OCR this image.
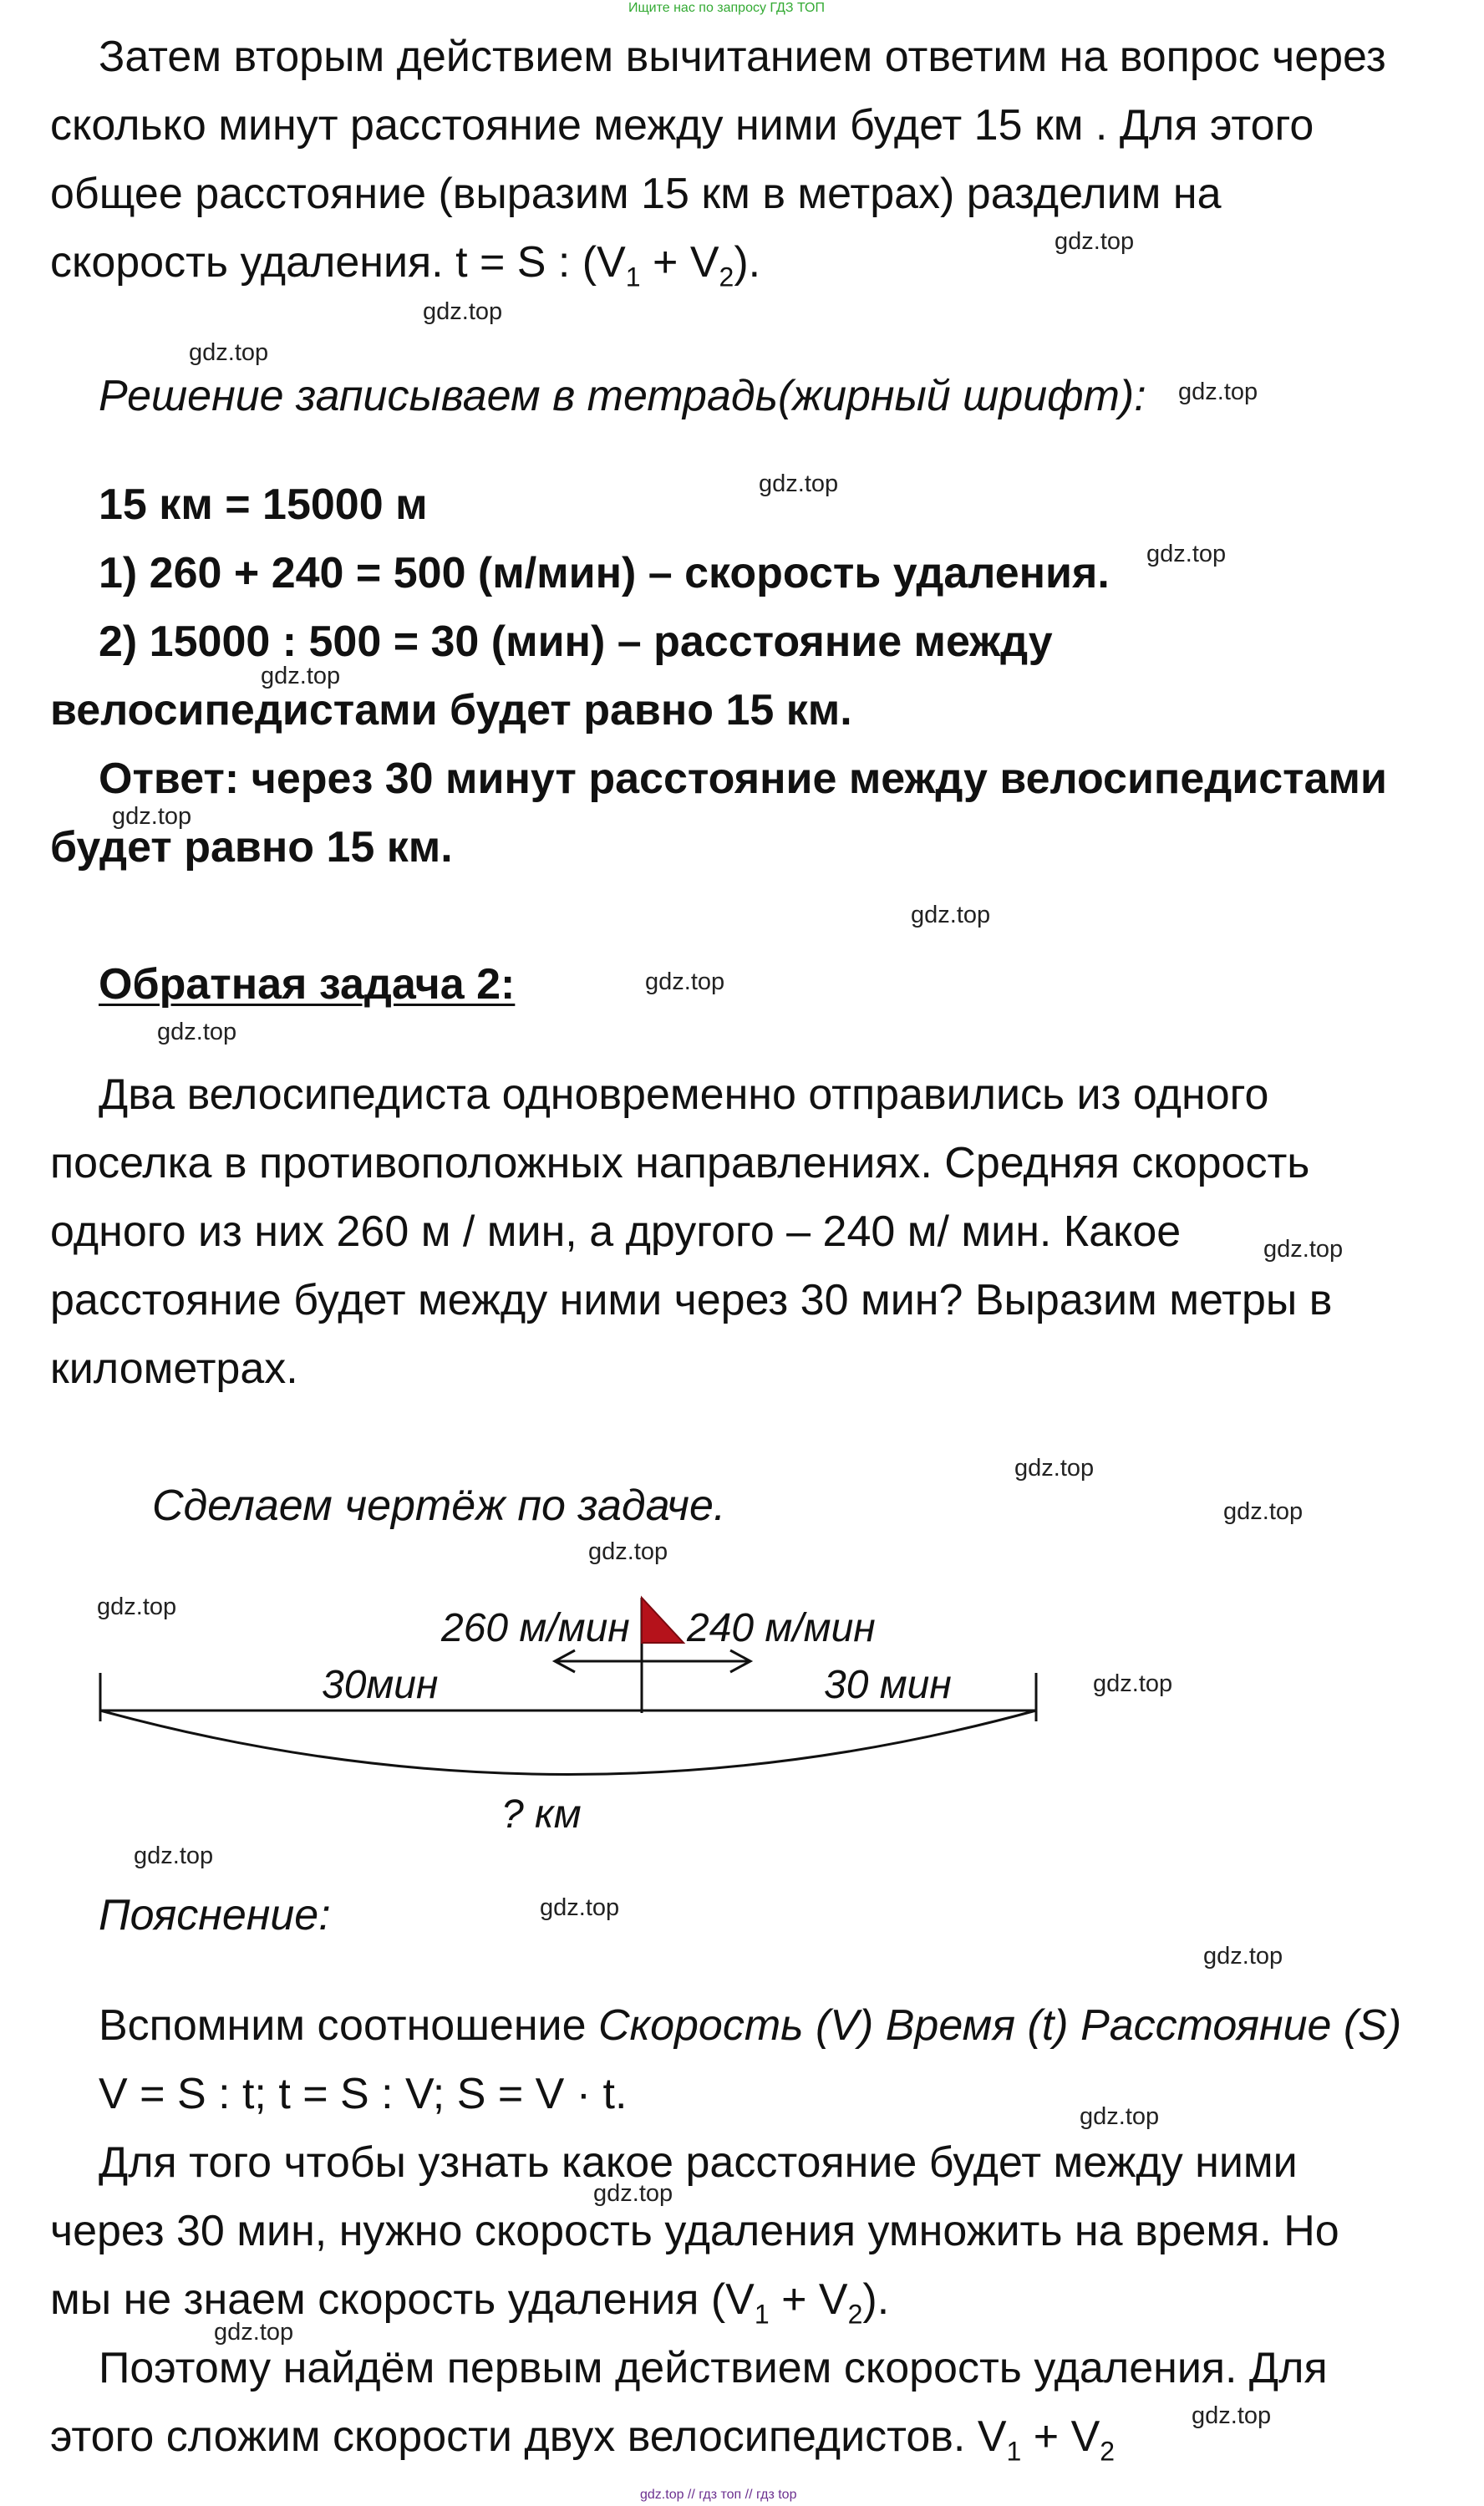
Ищите нас по запросу ГДЗ ТОП
gdz.top // гдз топ // гдз top
Затем вторым действием вычитанием ответим на вопрос через
сколько минут расстояние между ними будет 15 км . Для этого
общее расстояние (выразим 15 км в метрах) разделим на
скорость удаления. t = S : $(V_1 + V_2)$.
Решение записываем в тетрадь(жирный шрифт):
15 км = 15000 м
1) 260 + 240 = 500 (м/мин) – скорость удаления.
2) 15000 : 500 = 30 (мин) – расстояние между
велосипедистами будет равно 15 км.
Ответ: через 30 минут расстояние между велосипедистами
будет равно 15 км.
Обратная задача 2:
Два велосипедиста одновременно отправились из одного
поселка в противоположных направлениях. Средняя скорость
одного из них 260 м / мин, а другого – 240 м/ мин. Какое
расстояние будет между ними через 30 мин? Выразим метры в
километрах.
Сделаем чертёж по задаче.
260 м/мин 240 м/мин
30мин	30 мин
? км
Пояснение:
Вспомним соотношение Скорость (V) Время (t) Расстояние (S)
V = S : t; t = S : V; S = V · t.
Для того чтобы узнать какое расстояние будет между ними
через 30 мин, нужно скорость удаления умножить на время. Но
мы не знаем скорость удаления $(V_1 + V_2)$.
Поэтому найдём первым действием скорость удаления. Для
этого сложим скорости двух велосипедистов. $V_1 + V_2$
gdz.top
gdz.top
gdz.top
gdz.top
gdz.top
gdz.top
gdz.top
gdz.top
gdz.top
gdz.top
gdz.top
gdz.top
gdz.top
gdz.top
gdz.top
gdz.top
gdz.top
gdz.top
gdz.top
gdz.top
gdz.top
gdz.top
gdz.top
gdz.top
